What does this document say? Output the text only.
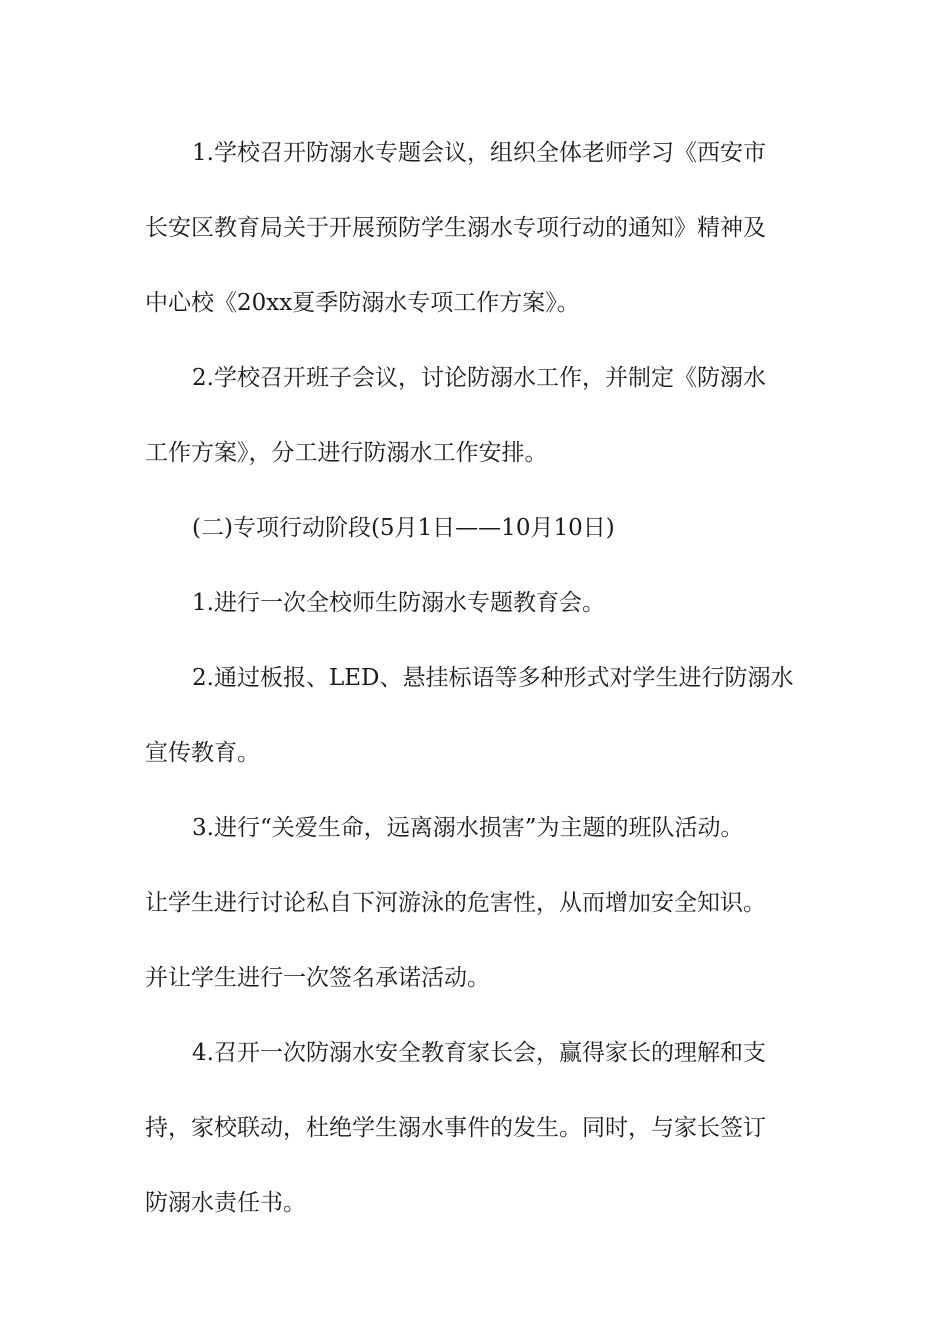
1.学校召开防溺水专题会议，组织全体老师学习《西安市
长安区教育局关于开展预防学生溺水专项行动的通知》精神及
中心校《20xx夏季防溺水专项工作方案》。
2.学校召开班子会议，讨论防溺水工作，并制定《防溺水
工作方案》，分工进行防溺水工作安排。
(二)专项行动阶段(5月1日——10月10日)
1.进行一次全校师生防溺水专题教育会。
2.通过板报、LED、悬挂标语等多种形式对学生进行防溺水
宣传教育。
3.进行“关爱生命，远离溺水损害”为主题的班队活动。
让学生进行讨论私自下河游泳的危害性，从而增加安全知识。
并让学生进行一次签名承诺活动。
4.召开一次防溺水安全教育家长会，赢得家长的理解和支
持，家校联动，杜绝学生溺水事件的发生。同时，与家长签订
防溺水责任书。
